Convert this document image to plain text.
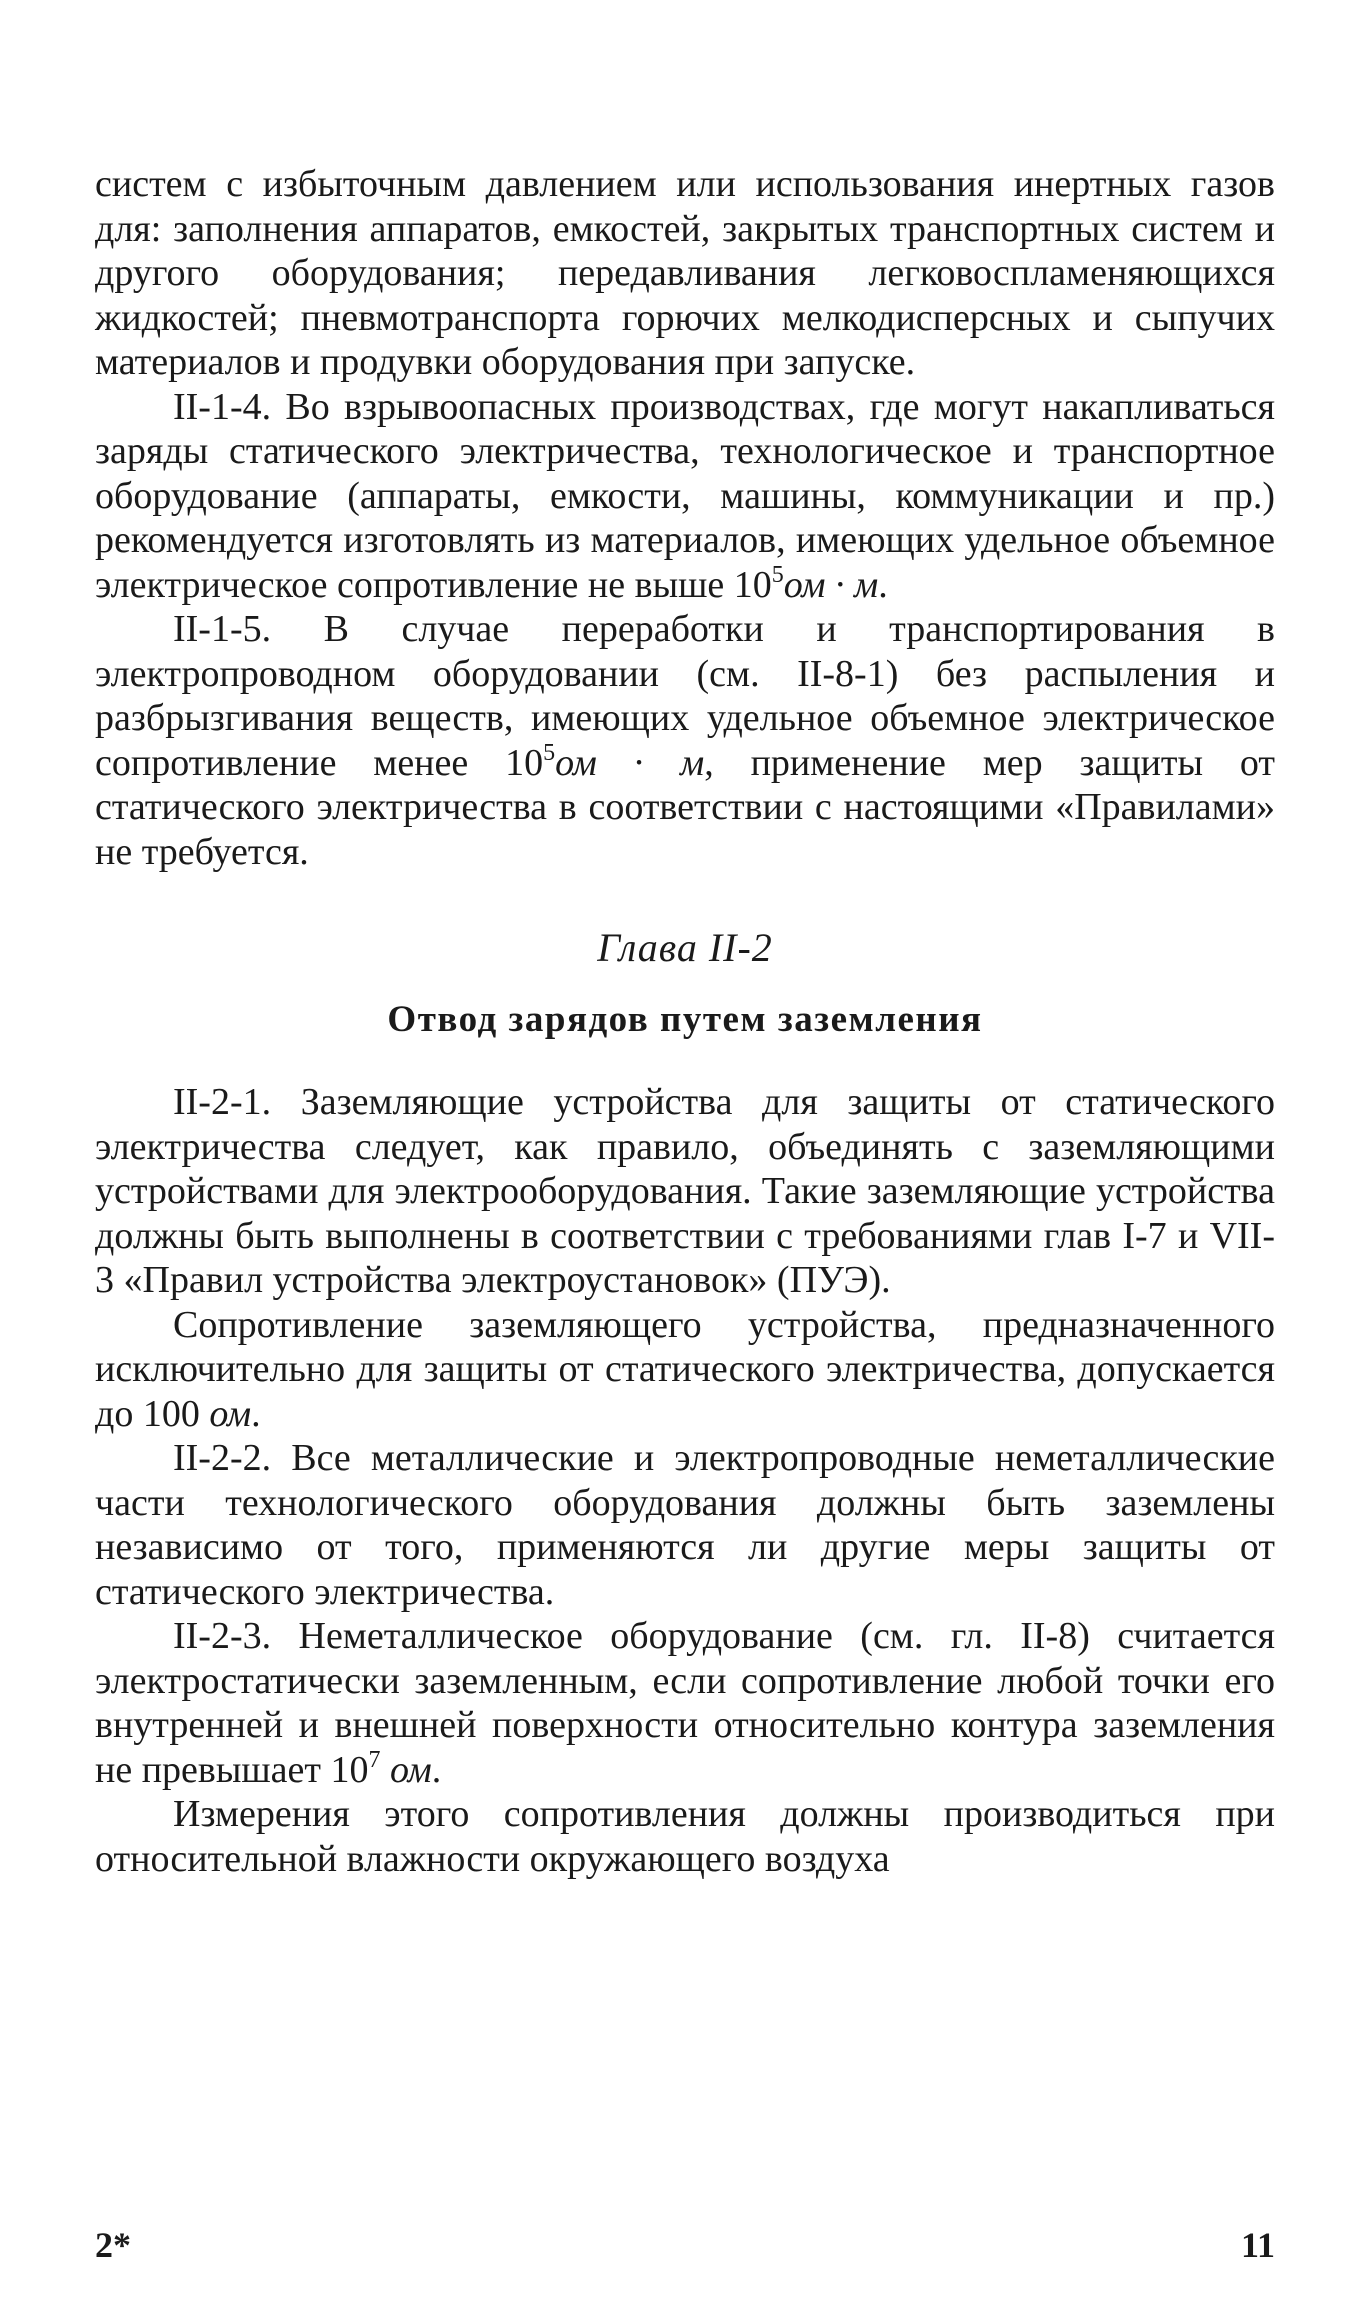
систем с избыточным давлением или использования инертных газов для: заполнения аппаратов, емкостей, закрытых транспортных систем и другого оборудования; передавливания легковоспламеняющихся жидкостей; пневмотранспорта горючих мелкодисперсных и сыпучих материалов и продувки оборудования при запуске.

II-1-4. Во взрывоопасных производствах, где могут накапливаться заряды статического электричества, технологическое и транспортное оборудование (аппараты, емкости, машины, коммуникации и пр.) рекомендуется изготовлять из материалов, имеющих удельное объемное электрическое сопротивление не выше $10^5ом \cdot м$.

II-1-5. В случае переработки и транспортирования в электропроводном оборудовании (см. II-8-1) без распыления и разбрызгивания веществ, имеющих удельное объемное электрическое сопротивление менее $10^5ом \cdot м$, применение мер защиты от статического электричества в соответствии с настоящими «Правилами» не требуется.

Глава II-2
Отвод зарядов путем заземления

II-2-1. Заземляющие устройства для защиты от статического электричества следует, как правило, объединять с заземляющими устройствами для электрооборудования. Такие заземляющие устройства должны быть выполнены в соответствии с требованиями глав I-7 и VII-3 «Правил устройства электроустановок» (ПУЭ).

Сопротивление заземляющего устройства, предназначенного исключительно для защиты от статического электричества, допускается до 100 ом.

II-2-2. Все металлические и электропроводные неметаллические части технологического оборудования должны быть заземлены независимо от того, применяются ли другие меры защиты от статического электричества.

II-2-3. Неметаллическое оборудование (см. гл. II-8) считается электростатически заземленным, если сопротивление любой точки его внутренней и внешней поверхности относительно контура заземления не превышает $10^7$ ом.

Измерения этого сопротивления должны производиться при относительной влажности окружающего воздуха

2*	11
